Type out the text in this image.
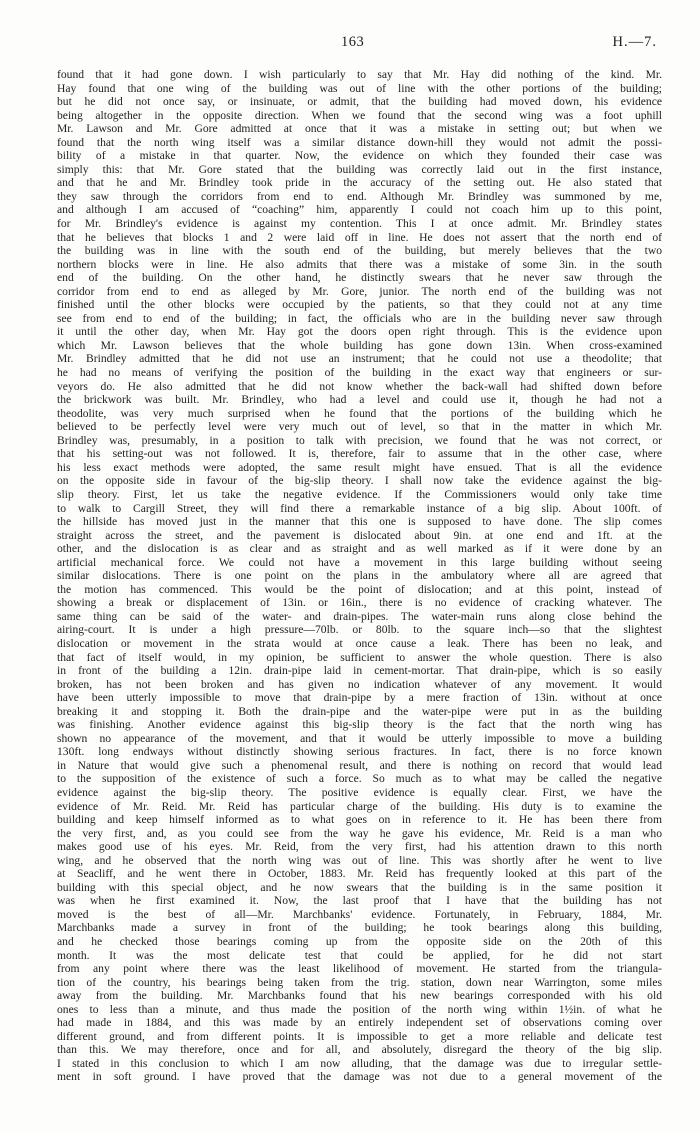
163	H.—7.
found that it had gone down. I wish particularly to say that Mr. Hay did nothing of the kind. Mr.
Hay found that one wing of the building was out of line with the other portions of the building;
but he did not once say, or insinuate, or admit, that the building had moved down, his evidence
being altogether in the opposite direction. When we found that the second wing was a foot uphill
Mr. Lawson and Mr. Gore admitted at once that it was a mistake in setting out; but when we
found that the north wing itself was a similar distance down-hill they would not admit the possi-
bility of a mistake in that quarter. Now, the evidence on which they founded their case was
simply this: that Mr. Gore stated that the building was correctly laid out in the first instance,
and that he and Mr. Brindley took pride in the accuracy of the setting out. He also stated that
they saw through the corridors from end to end. Although Mr. Brindley was summoned by me,
and although I am accused of “coaching” him, apparently I could not coach him up to this point,
for Mr. Brindley's evidence is against my contention. This I at once admit. Mr. Brindley states
that he believes that blocks 1 and 2 were laid off in line. He does not assert that the north end of
the building was in line with the south end of the building, but merely believes that the two
northern blocks were in line. He also admits that there was a mistake of some 3in. in the south
end of the building. On the other hand, he distinctly swears that he never saw through the
corridor from end to end as alleged by Mr. Gore, junior. The north end of the building was not
finished until the other blocks were occupied by the patients, so that they could not at any time
see from end to end of the building; in fact, the officials who are in the building never saw through
it until the other day, when Mr. Hay got the doors open right through. This is the evidence upon
which Mr. Lawson believes that the whole building has gone down 13in. When cross-examined
Mr. Brindley admitted that he did not use an instrument; that he could not use a theodolite; that
he had no means of verifying the position of the building in the exact way that engineers or sur-
veyors do. He also admitted that he did not know whether the back-wall had shifted down before
the brickwork was built. Mr. Brindley, who had a level and could use it, though he had not a
theodolite, was very much surprised when he found that the portions of the building which he
believed to be perfectly level were very much out of level, so that in the matter in which Mr.
Brindley was, presumably, in a position to talk with precision, we found that he was not correct, or
that his setting-out was not followed. It is, therefore, fair to assume that in the other case, where
his less exact methods were adopted, the same result might have ensued. That is all the evidence
on the opposite side in favour of the big-slip theory. I shall now take the evidence against the big-
slip theory. First, let us take the negative evidence. If the Commissioners would only take time
to walk to Cargill Street, they will find there a remarkable instance of a big slip. About 100ft. of
the hillside has moved just in the manner that this one is supposed to have done. The slip comes
straight across the street, and the pavement is dislocated about 9in. at one end and 1ft. at the
other, and the dislocation is as clear and as straight and as well marked as if it were done by an
artificial mechanical force. We could not have a movement in this large building without seeing
similar dislocations. There is one point on the plans in the ambulatory where all are agreed that
the motion has commenced. This would be the point of dislocation; and at this point, instead of
showing a break or displacement of 13in. or 16in., there is no evidence of cracking whatever. The
same thing can be said of the water- and drain-pipes. The water-main runs along close behind the
airing-court. It is under a high pressure—70lb. or 80lb. to the square inch—so that the slightest
dislocation or movement in the strata would at once cause a leak. There has been no leak, and
that fact of itself would, in my opinion, be sufficient to answer the whole question. There is also
in front of the building a 12in. drain-pipe laid in cement-mortar. That drain-pipe, which is so easily
broken, has not been broken and has given no indication whatever of any movement. It would
have been utterly impossible to move that drain-pipe by a mere fraction of 13in. without at once
breaking it and stopping it. Both the drain-pipe and the water-pipe were put in as the building
was finishing. Another evidence against this big-slip theory is the fact that the north wing has
shown no appearance of the movement, and that it would be utterly impossible to move a building
130ft. long endways without distinctly showing serious fractures. In fact, there is no force known
in Nature that would give such a phenomenal result, and there is nothing on record that would lead
to the supposition of the existence of such a force. So much as to what may be called the negative
evidence against the big-slip theory. The positive evidence is equally clear. First, we have the
evidence of Mr. Reid. Mr. Reid has particular charge of the building. His duty is to examine the
building and keep himself informed as to what goes on in reference to it. He has been there from
the very first, and, as you could see from the way he gave his evidence, Mr. Reid is a man who
makes good use of his eyes. Mr. Reid, from the very first, had his attention drawn to this north
wing, and he observed that the north wing was out of line. This was shortly after he went to live
at Seacliff, and he went there in October, 1883. Mr. Reid has frequently looked at this part of the
building with this special object, and he now swears that the building is in the same position it
was when he first examined it. Now, the last proof that I have that the building has not
moved is the best of all—Mr. Marchbanks' evidence. Fortunately, in February, 1884, Mr.
Marchbanks made a survey in front of the building; he took bearings along this building,
and he checked those bearings coming up from the opposite side on the 20th of this
month. It was the most delicate test that could be applied, for he did not start
from any point where there was the least likelihood of movement. He started from the triangula-
tion of the country, his bearings being taken from the trig. station, down near Warrington, some miles
away from the building. Mr. Marchbanks found that his new bearings corresponded with his old
ones to less than a minute, and thus made the position of the north wing within 1½in. of what he
had made in 1884, and this was made by an entirely independent set of observations coming over
different ground, and from different points. It is impossible to get a more reliable and delicate test
than this. We may therefore, once and for all, and absolutely, disregard the theory of the big slip.
I stated in this conclusion to which I am now alluding, that the damage was due to irregular settle-
ment in soft ground. I have proved that the damage was not due to a general movement of the
